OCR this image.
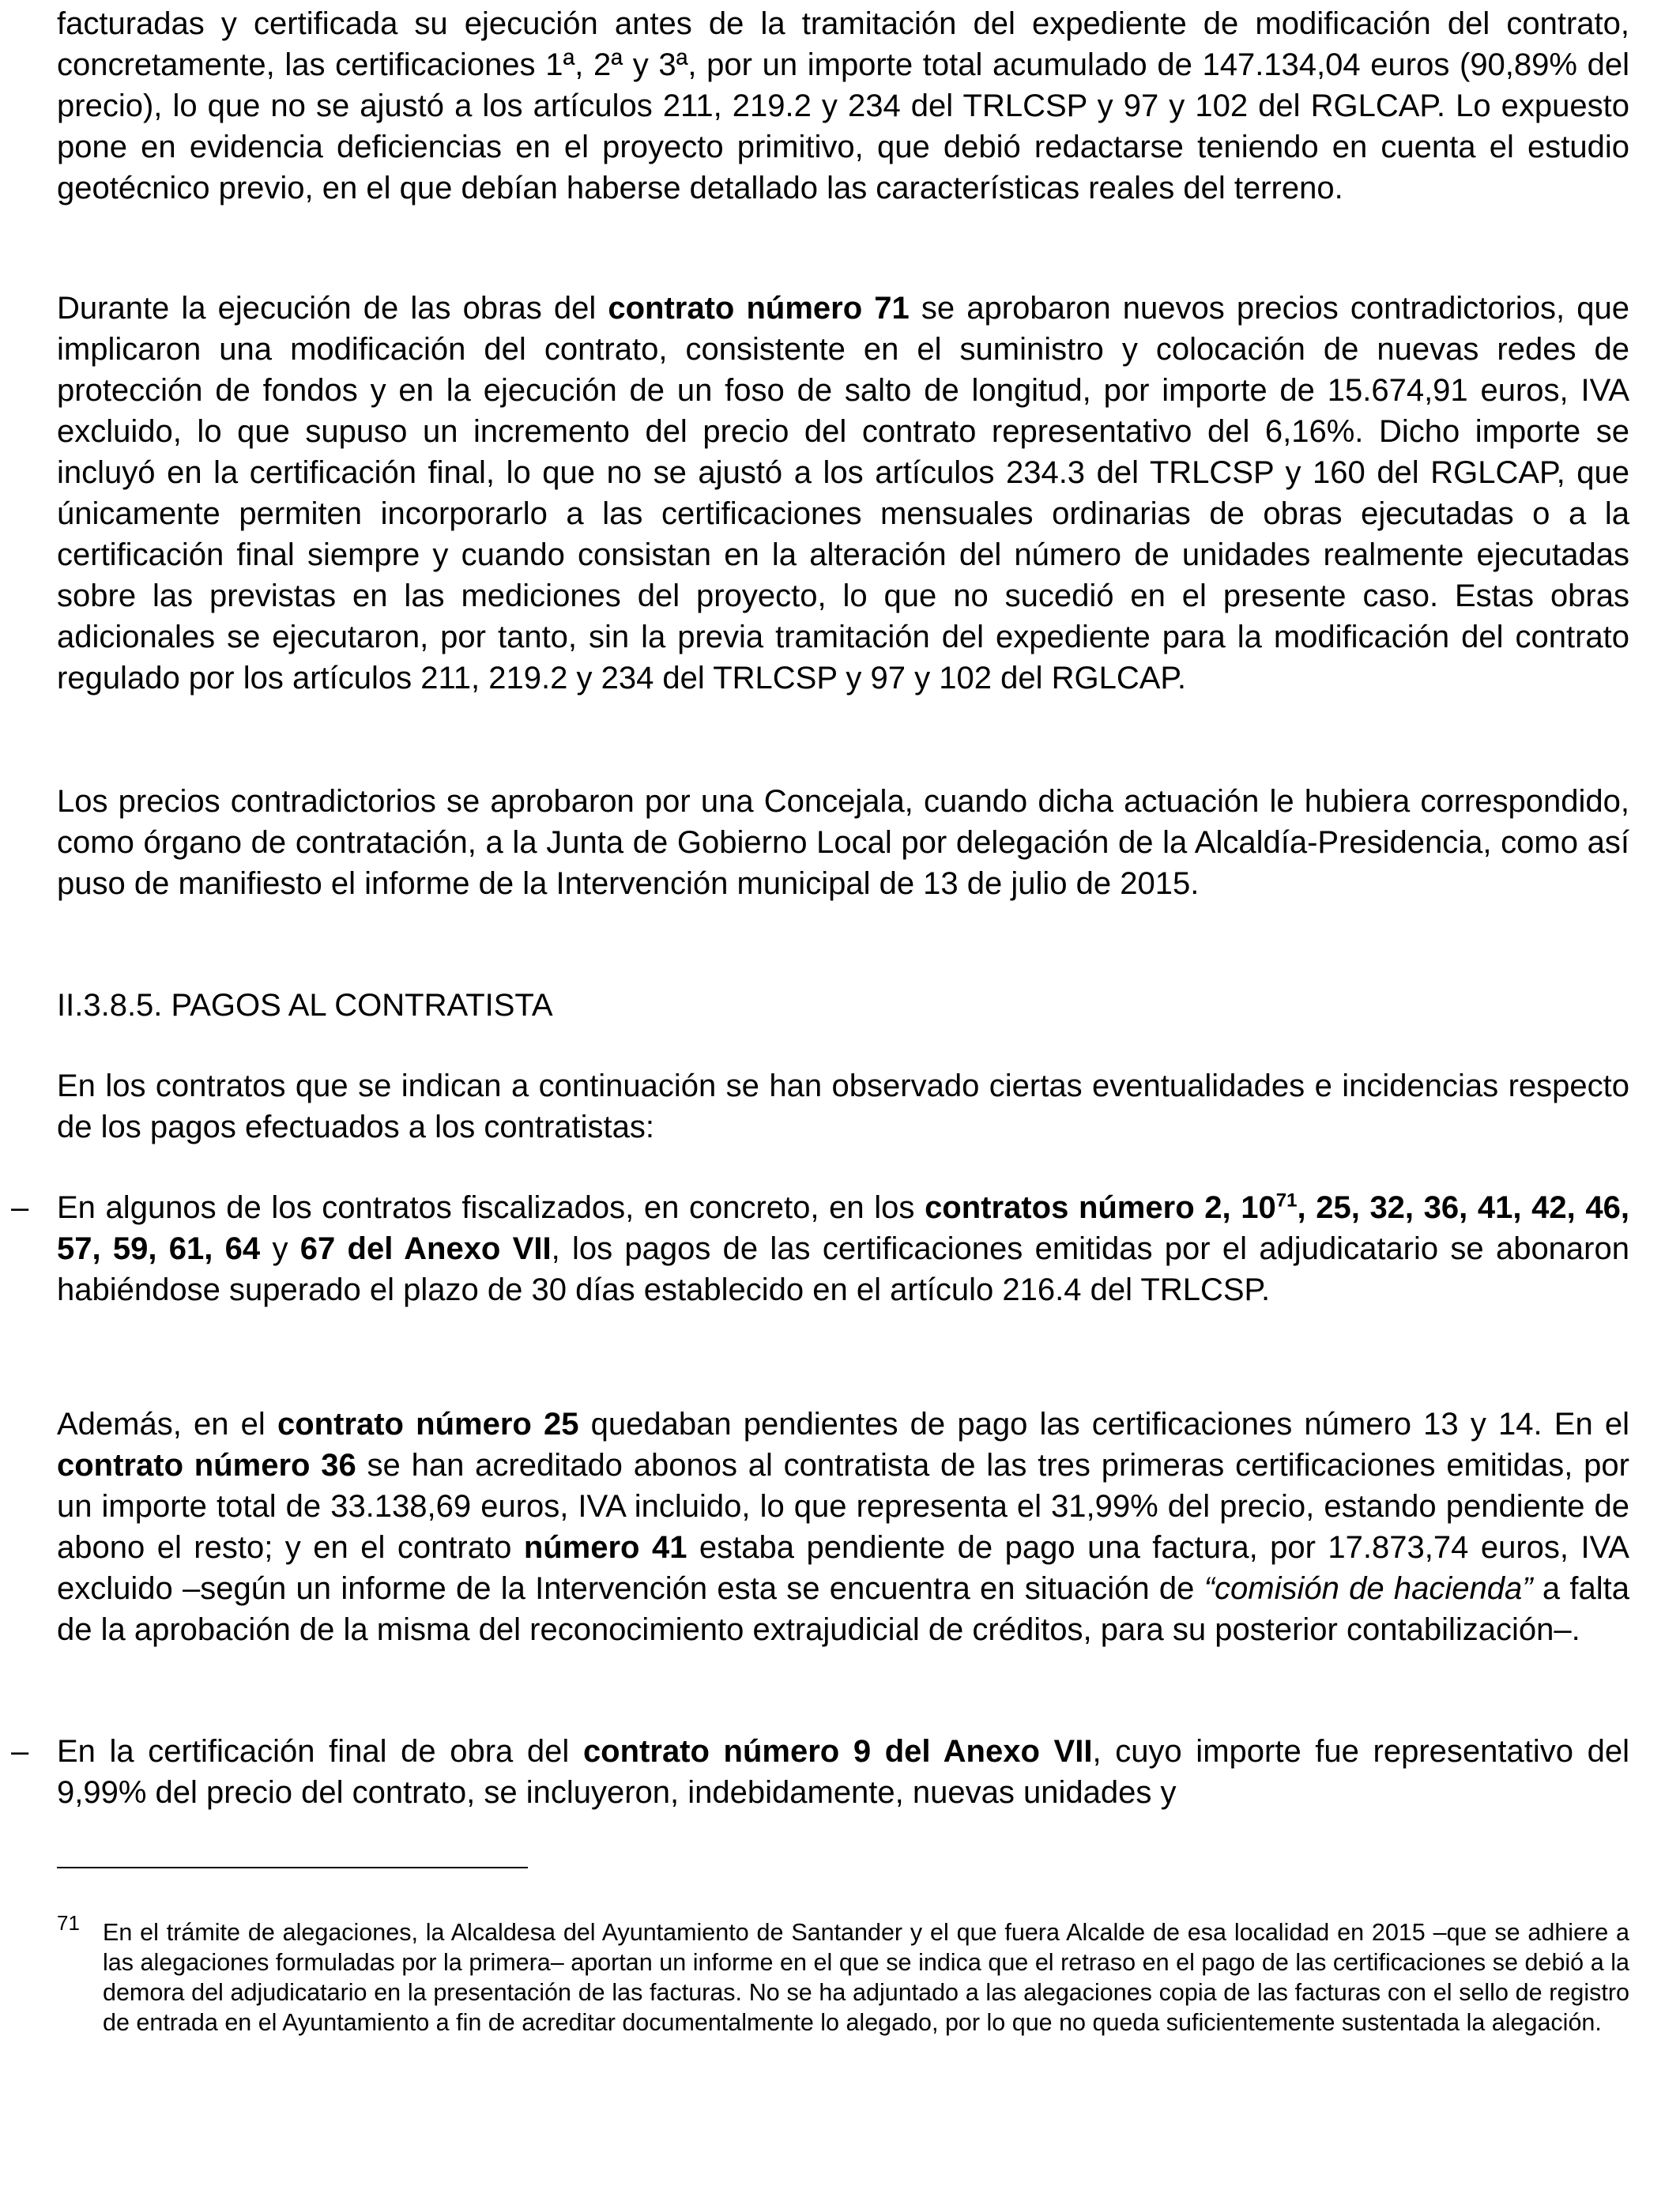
facturadas y certificada su ejecución antes de la tramitación del expediente de modificación del contrato, concretamente, las certificaciones 1ª, 2ª y 3ª, por un importe total acumulado de 147.134,04 euros (90,89% del precio), lo que no se ajustó a los artículos 211, 219.2 y 234 del TRLCSP y 97 y 102 del RGLCAP. Lo expuesto pone en evidencia deficiencias en el proyecto primitivo, que debió redactarse teniendo en cuenta el estudio geotécnico previo, en el que debían haberse detallado las características reales del terreno.

Durante la ejecución de las obras del contrato número 71 se aprobaron nuevos precios contradictorios, que implicaron una modificación del contrato, consistente en el suministro y colocación de nuevas redes de protección de fondos y en la ejecución de un foso de salto de longitud, por importe de 15.674,91 euros, IVA excluido, lo que supuso un incremento del precio del contrato representativo del 6,16%. Dicho importe se incluyó en la certificación final, lo que no se ajustó a los artículos 234.3 del TRLCSP y 160 del RGLCAP, que únicamente permiten incorporarlo a las certificaciones mensuales ordinarias de obras ejecutadas o a la certificación final siempre y cuando consistan en la alteración del número de unidades realmente ejecutadas sobre las previstas en las mediciones del proyecto, lo que no sucedió en el presente caso. Estas obras adicionales se ejecutaron, por tanto, sin la previa tramitación del expediente para la modificación del contrato regulado por los artículos 211, 219.2 y 234 del TRLCSP y 97 y 102 del RGLCAP.

Los precios contradictorios se aprobaron por una Concejala, cuando dicha actuación le hubiera correspondido, como órgano de contratación, a la Junta de Gobierno Local por delegación de la Alcaldía-Presidencia, como así puso de manifiesto el informe de la Intervención municipal de 13 de julio de 2015.

II.3.8.5. PAGOS AL CONTRATISTA

En los contratos que se indican a continuación se han observado ciertas eventualidades e incidencias respecto de los pagos efectuados a los contratistas:

– En algunos de los contratos fiscalizados, en concreto, en los contratos número 2, $10^{71}$, 25, 32, 36, 41, 42, 46, 57, 59, 61, 64 y 67 del Anexo VII, los pagos de las certificaciones emitidas por el adjudicatario se abonaron habiéndose superado el plazo de 30 días establecido en el artículo 216.4 del TRLCSP.

Además, en el contrato número 25 quedaban pendientes de pago las certificaciones número 13 y 14. En el contrato número 36 se han acreditado abonos al contratista de las tres primeras certificaciones emitidas, por un importe total de 33.138,69 euros, IVA incluido, lo que representa el 31,99% del precio, estando pendiente de abono el resto; y en el contrato número 41 estaba pendiente de pago una factura, por 17.873,74 euros, IVA excluido –según un informe de la Intervención esta se encuentra en situación de “comisión de hacienda” a falta de la aprobación de la misma del reconocimiento extrajudicial de créditos, para su posterior contabilización–.

– En la certificación final de obra del contrato número 9 del Anexo VII, cuyo importe fue representativo del 9,99% del precio del contrato, se incluyeron, indebidamente, nuevas unidades y

71 En el trámite de alegaciones, la Alcaldesa del Ayuntamiento de Santander y el que fuera Alcalde de esa localidad en 2015 –que se adhiere a las alegaciones formuladas por la primera– aportan un informe en el que se indica que el retraso en el pago de las certificaciones se debió a la demora del adjudicatario en la presentación de las facturas. No se ha adjuntado a las alegaciones copia de las facturas con el sello de registro de entrada en el Ayuntamiento a fin de acreditar documentalmente lo alegado, por lo que no queda suficientemente sustentada la alegación.
